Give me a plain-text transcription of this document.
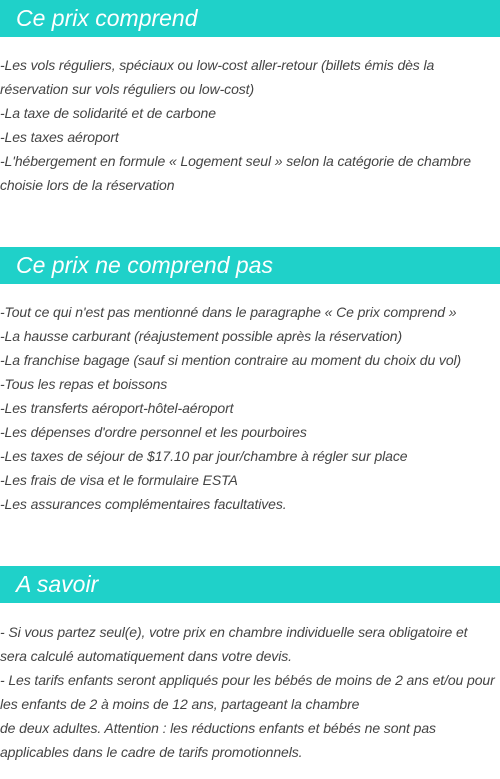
Ce prix comprend
-Les vols réguliers, spéciaux ou low-cost aller-retour (billets émis dès la
réservation sur vols réguliers ou low-cost)
-La taxe de solidarité et de carbone
-Les taxes aéroport
-L'hébergement en formule « Logement seul » selon la catégorie de chambre
choisie lors de la réservation
Ce prix ne comprend pas
-Tout ce qui n'est pas mentionné dans le paragraphe « Ce prix comprend »
-La hausse carburant (réajustement possible après la réservation)
-La franchise bagage (sauf si mention contraire au moment du choix du vol)
-Tous les repas et boissons
-Les transferts aéroport-hôtel-aéroport
-Les dépenses d'ordre personnel et les pourboires
-Les taxes de séjour de $17.10 par jour/chambre à régler sur place
-Les frais de visa et le formulaire ESTA
-Les assurances complémentaires facultatives.
A savoir
- Si vous partez seul(e), votre prix en chambre individuelle sera obligatoire et
sera calculé automatiquement dans votre devis.
- Les tarifs enfants seront appliqués pour les bébés de moins de 2 ans et/ou pour
les enfants de 2 à moins de 12 ans, partageant la chambre
de deux adultes. Attention : les réductions enfants et bébés ne sont pas
applicables dans le cadre de tarifs promotionnels.
